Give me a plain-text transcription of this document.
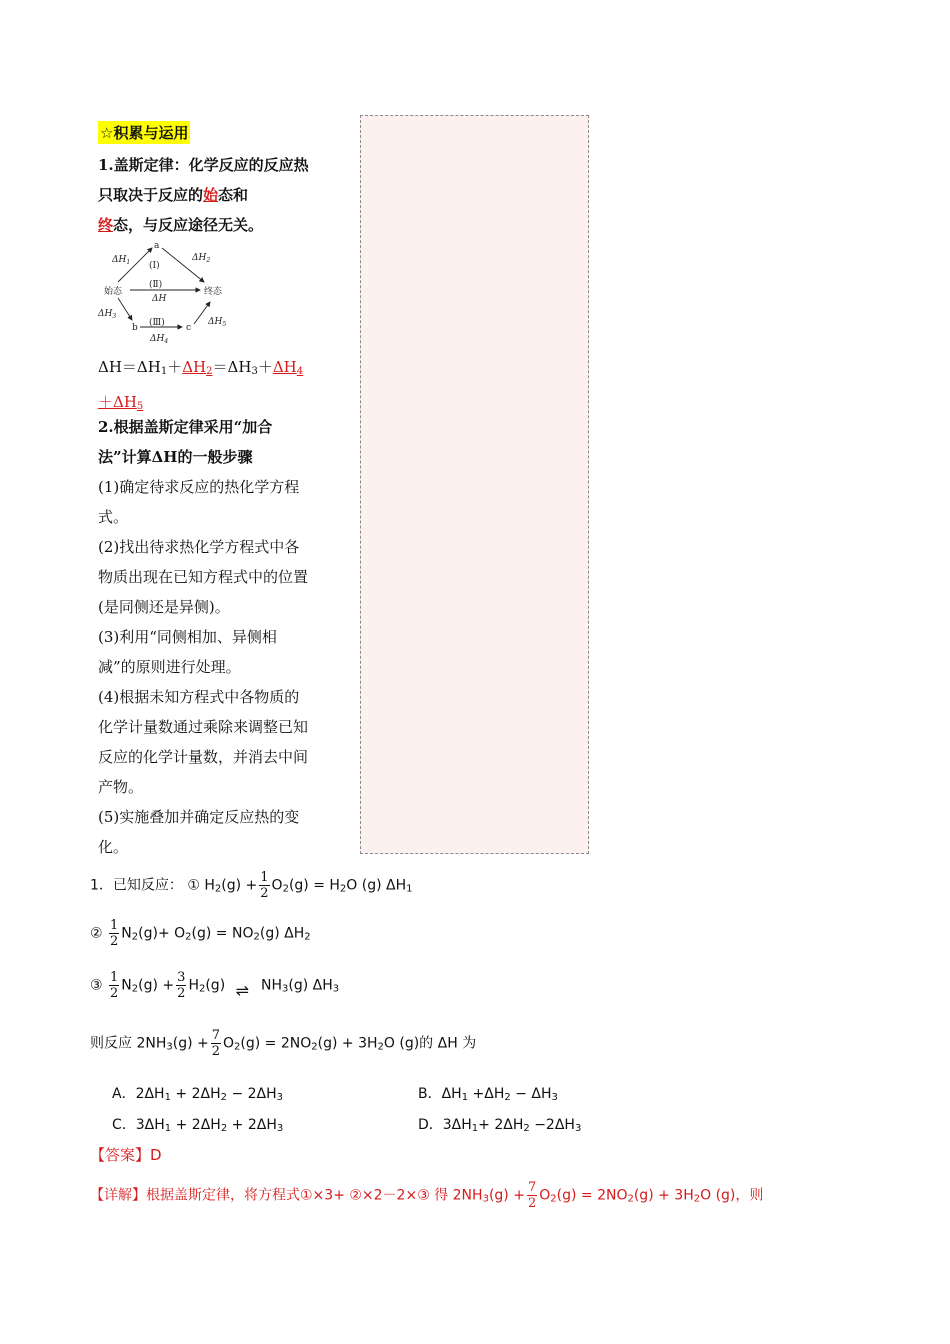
☆积累与运用
1.盖斯定律：化学反应的反应热只取决于反应的始态和
终态，与反应途径无关。
始态	终态
a
b	c
(Ⅰ)
(Ⅱ)
(Ⅲ)
ΔH
$\Delta H_1$	$\Delta H_2$
$\Delta H_3$
$\Delta H_4$
$\Delta H_5$
$\Delta H=\Delta H_1+\Delta H_2=\Delta H_3+\Delta H_4$
$+\Delta H_5$
2.根据盖斯定律采用“加合法”计算ΔH的一般步骤
(1)确定待求反应的热化学方程式。
(2)找出待求热化学方程式中各物质出现在已知方程式中的位置(是同侧还是异侧)。
(3)利用“同侧相加、异侧相减”的原则进行处理。
(4)根据未知方程式中各物质的化学计量数通过乘除来调整已知反应的化学计量数，并消去中间产物。
(5)实施叠加并确定反应热的变化。
1．已知反应： ① $H_2(g) + \frac{1}{2} O_2(g) = H_2O$ (g) $\Delta H_1$
② $\frac{1}{2} N_2(g)+ O_2(g) = NO_2(g)$ $\Delta H_2$
③ $\frac{1}{2} N_2(g) + \frac{3}{2} H_2(g)$ ⇌ $NH_3(g)$ $\Delta H_3$
则反应 $2NH_3(g) + \frac{7}{2} O_2(g) = 2NO_2(g) + 3H_2O$ (g)的 ΔH 为
A．$2\Delta H_1 + 2\Delta H_2 - 2\Delta H_3$	B．$\Delta H_1 +\Delta H_2 - \Delta H_3$
C．$3\Delta H_1 + 2\Delta H_2 + 2\Delta H_3$	D．$3\Delta H_1+ 2\Delta H_2 -2\Delta H_3$
【答案】D
【详解】根据盖斯定律，将方程式①×3+ ②×2－2×③ 得 $2NH_3(g) + \frac{7}{2} O_2(g) = 2NO_2(g) + 3H_2O$ (g)，则
